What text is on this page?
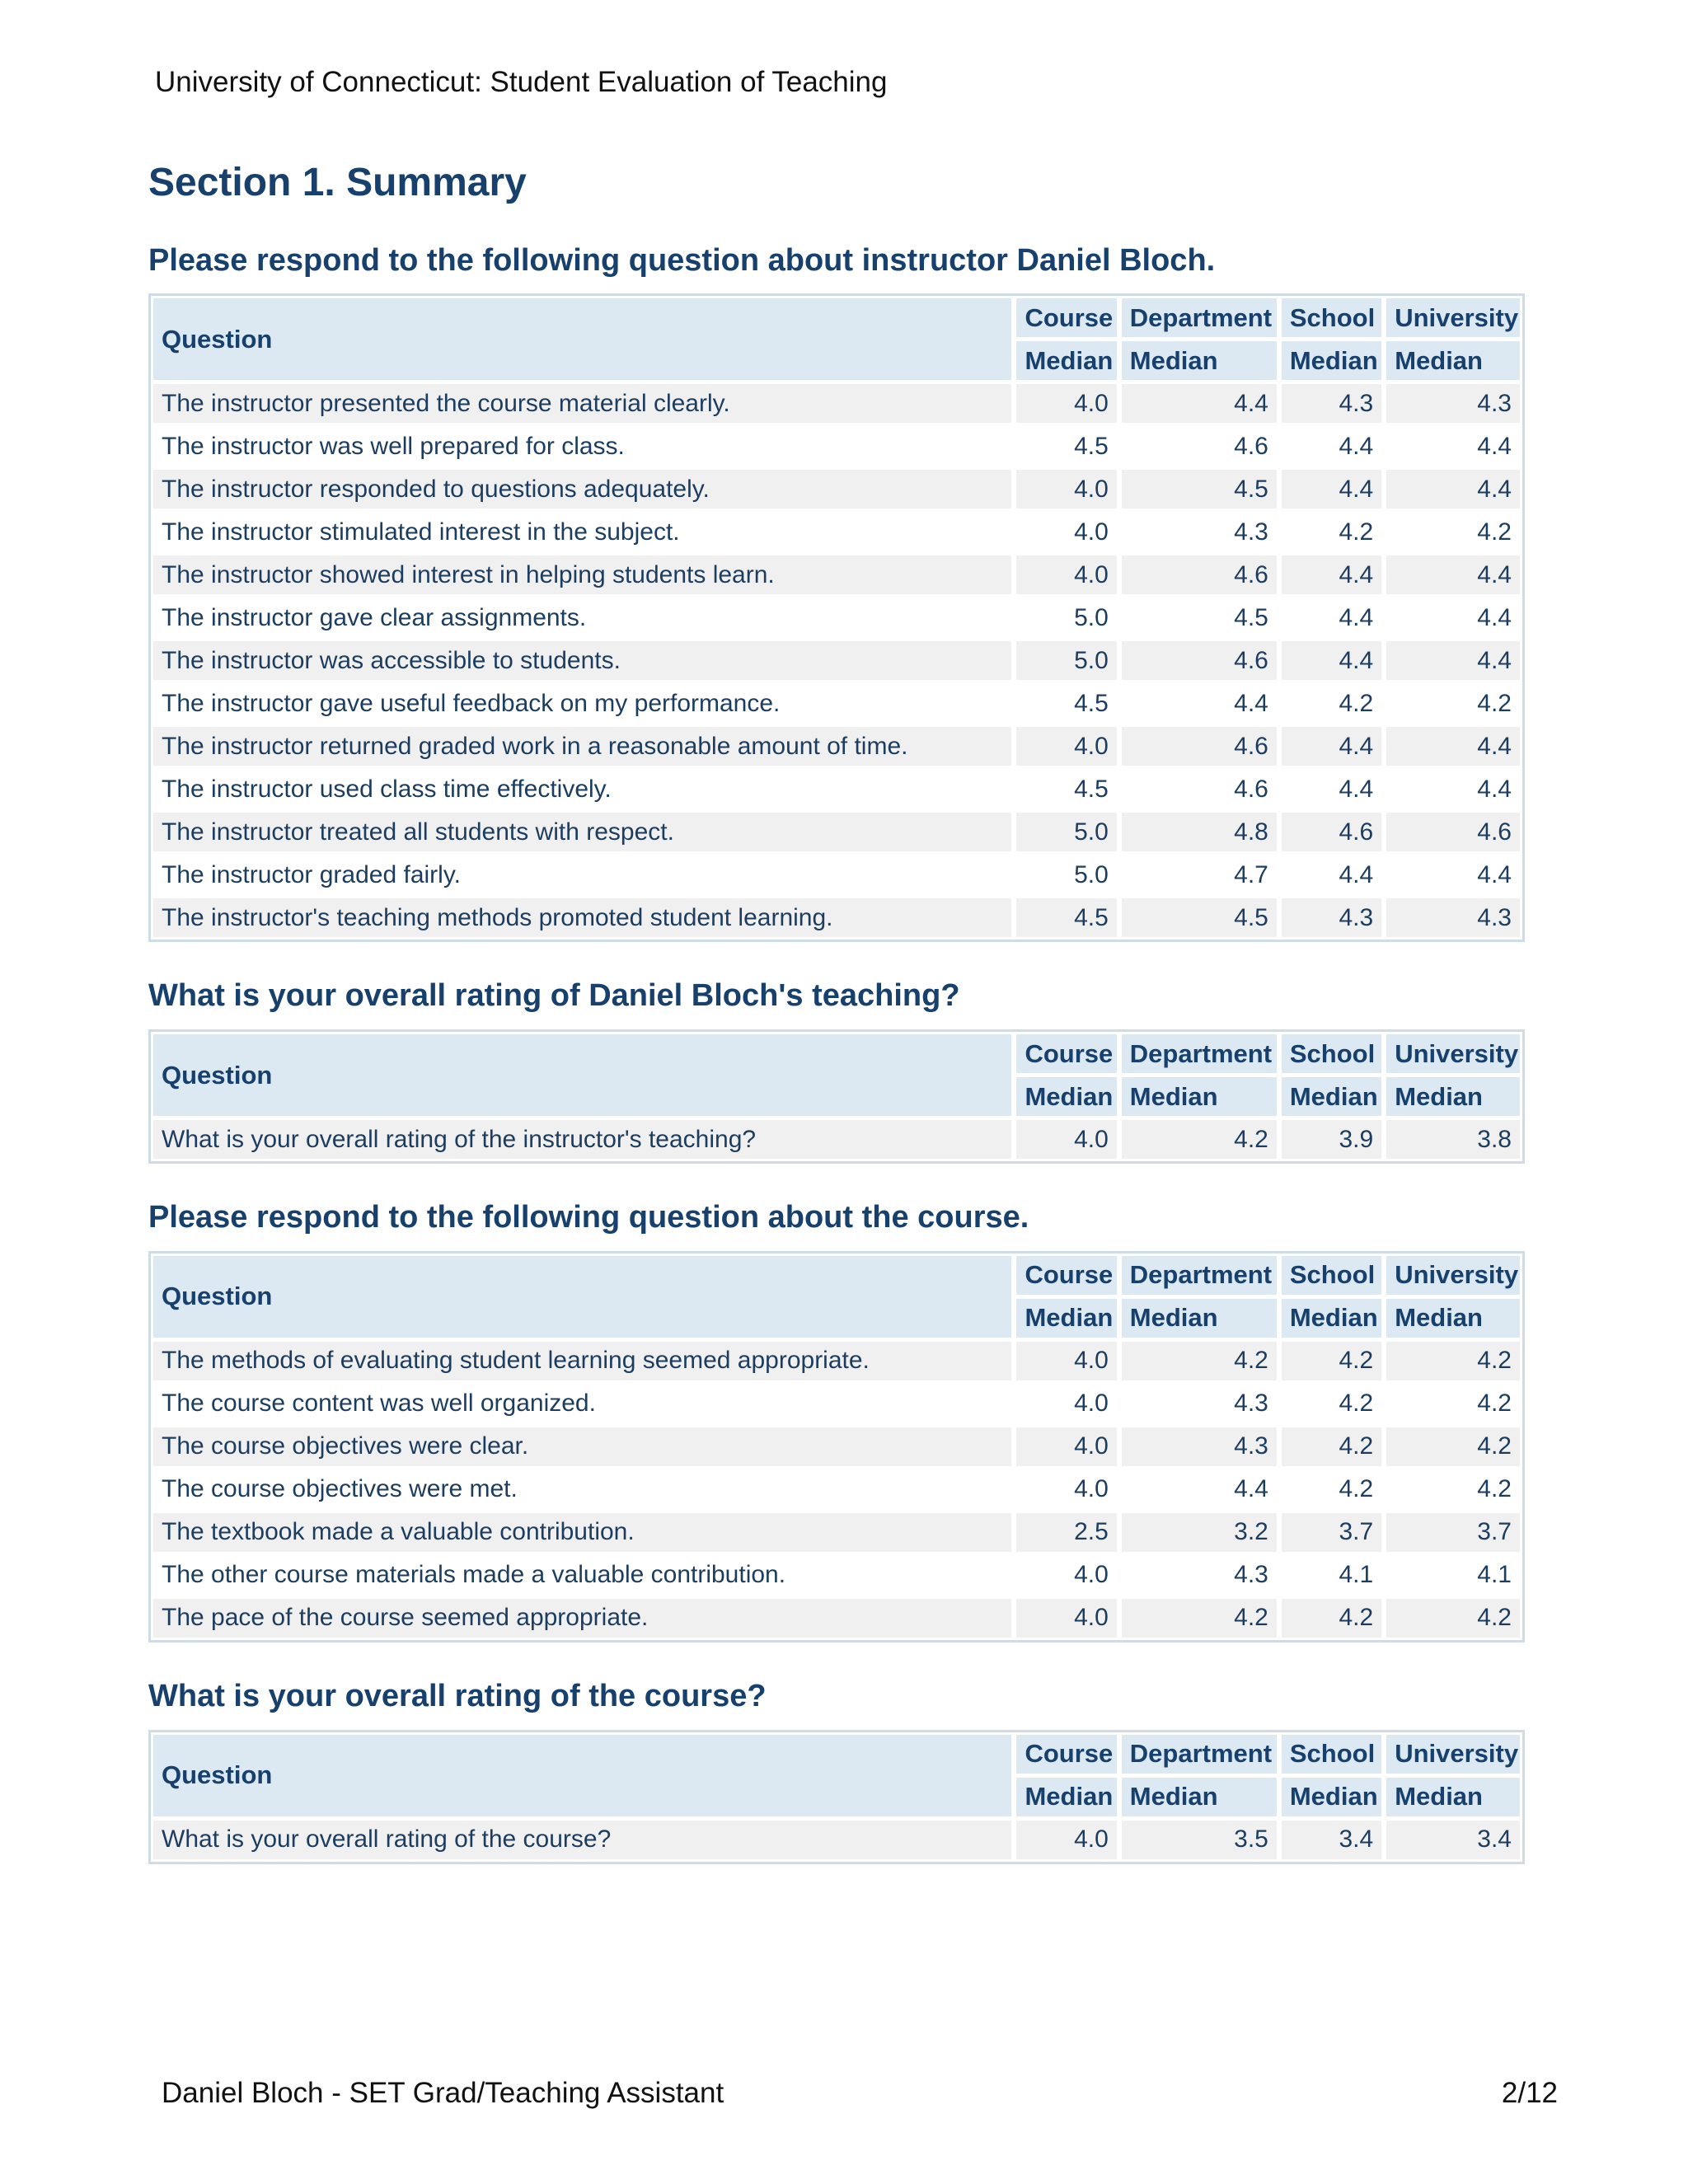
University of Connecticut: Student Evaluation of Teaching
Section 1. Summary
Please respond to the following question about instructor Daniel Bloch.
Question	Course	Department	School	University
	Median	Median	Median	Median
The instructor presented the course material clearly.	4.0	4.4	4.3	4.3
The instructor was well prepared for class.	4.5	4.6	4.4	4.4
The instructor responded to questions adequately.	4.0	4.5	4.4	4.4
The instructor stimulated interest in the subject.	4.0	4.3	4.2	4.2
The instructor showed interest in helping students learn.	4.0	4.6	4.4	4.4
The instructor gave clear assignments.	5.0	4.5	4.4	4.4
The instructor was accessible to students.	5.0	4.6	4.4	4.4
The instructor gave useful feedback on my performance.	4.5	4.4	4.2	4.2
The instructor returned graded work in a reasonable amount of time.	4.0	4.6	4.4	4.4
The instructor used class time effectively.	4.5	4.6	4.4	4.4
The instructor treated all students with respect.	5.0	4.8	4.6	4.6
The instructor graded fairly.	5.0	4.7	4.4	4.4
The instructor's teaching methods promoted student learning.	4.5	4.5	4.3	4.3
What is your overall rating of Daniel Bloch's teaching?
Question	Course	Department	School	University
	Median	Median	Median	Median
What is your overall rating of the instructor's teaching?	4.0	4.2	3.9	3.8
Please respond to the following question about the course.
Question	Course	Department	School	University
	Median	Median	Median	Median
The methods of evaluating student learning seemed appropriate.	4.0	4.2	4.2	4.2
The course content was well organized.	4.0	4.3	4.2	4.2
The course objectives were clear.	4.0	4.3	4.2	4.2
The course objectives were met.	4.0	4.4	4.2	4.2
The textbook made a valuable contribution.	2.5	3.2	3.7	3.7
The other course materials made a valuable contribution.	4.0	4.3	4.1	4.1
The pace of the course seemed appropriate.	4.0	4.2	4.2	4.2
What is your overall rating of the course?
Question	Course	Department	School	University
	Median	Median	Median	Median
What is your overall rating of the course?	4.0	3.5	3.4	3.4
Daniel Bloch - SET Grad/Teaching Assistant	2/12
